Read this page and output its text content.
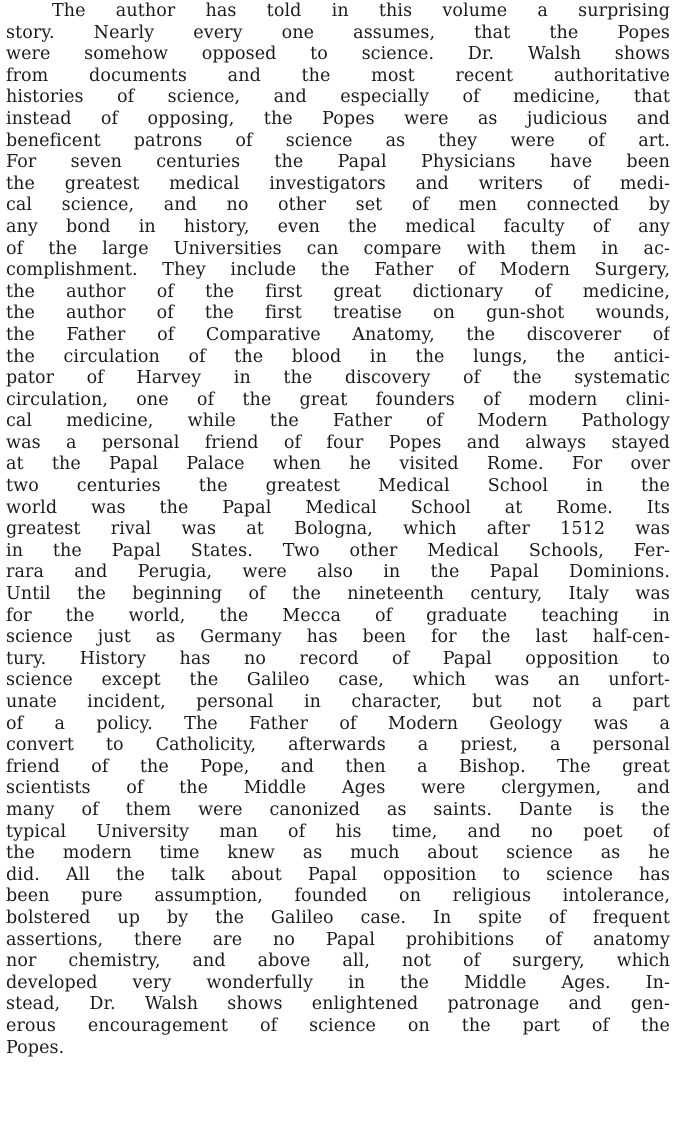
The author has told in this volume a surprising
story. Nearly every one assumes, that the Popes
were somehow opposed to science. Dr. Walsh shows
from documents and the most recent authoritative
histories of science, and especially of medicine, that
instead of opposing, the Popes were as judicious and
beneficent patrons of science as they were of art.
For seven centuries the Papal Physicians have been
the greatest medical investigators and writers of medi-
cal science, and no other set of men connected by
any bond in history, even the medical faculty of any
of the large Universities can compare with them in ac-
complishment. They include the Father of Modern Surgery,
the author of the first great dictionary of medicine,
the author of the first treatise on gun-shot wounds,
the Father of Comparative Anatomy, the discoverer of
the circulation of the blood in the lungs, the antici-
pator of Harvey in the discovery of the systematic
circulation, one of the great founders of modern clini-
cal medicine, while the Father of Modern Pathology
was a personal friend of four Popes and always stayed
at the Papal Palace when he visited Rome. For over
two centuries the greatest Medical School in the
world was the Papal Medical School at Rome. Its
greatest rival was at Bologna, which after 1512 was
in the Papal States. Two other Medical Schools, Fer-
rara and Perugia, were also in the Papal Dominions.
Until the beginning of the nineteenth century, Italy was
for the world, the Mecca of graduate teaching in
science just as Germany has been for the last half-cen-
tury. History has no record of Papal opposition to
science except the Galileo case, which was an unfort-
unate incident, personal in character, but not a part
of a policy. The Father of Modern Geology was a
convert to Catholicity, afterwards a priest, a personal
friend of the Pope, and then a Bishop. The great
scientists of the Middle Ages were clergymen, and
many of them were canonized as saints. Dante is the
typical University man of his time, and no poet of
the modern time knew as much about science as he
did. All the talk about Papal opposition to science has
been pure assumption, founded on religious intolerance,
bolstered up by the Galileo case. In spite of frequent
assertions, there are no Papal prohibitions of anatomy
nor chemistry, and above all, not of surgery, which
developed very wonderfully in the Middle Ages. In-
stead, Dr. Walsh shows enlightened patronage and gen-
erous encouragement of science on the part of the
Popes.
